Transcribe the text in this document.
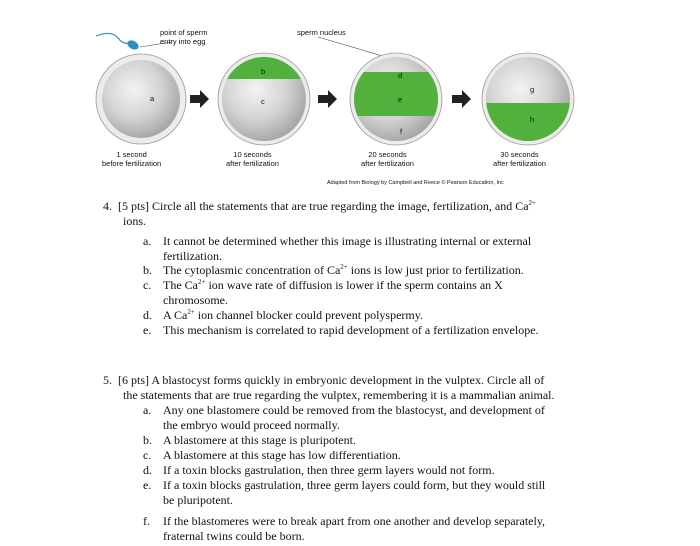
point of sperm
entry into egg
sperm nucleus
a
b
c
d
e
f
g
h
1 second
before fertilization
10 seconds
after fertilization
20 seconds
after fertilization
30 seconds
after fertilization
Adapted from Biology by Campbell and Reece © Pearson Education, Inc
4. [5 pts] Circle all the statements that are true regarding the image, fertilization, and $Ca^{2+}$
ions.
a. It cannot be determined whether this image is illustrating internal or external
fertilization.
b. The cytoplasmic concentration of $Ca^{2+}$ ions is low just prior to fertilization.
c. The $Ca^{2+}$ ion wave rate of diffusion is lower if the sperm contains an X
chromosome.
d. A $Ca^{2+}$ ion channel blocker could prevent polyspermy.
e. This mechanism is correlated to rapid development of a fertilization envelope.
5. [6 pts] A blastocyst forms quickly in embryonic development in the vulptex. Circle all of
the statements that are true regarding the vulptex, remembering it is a mammalian animal.
a. Any one blastomere could be removed from the blastocyst, and development of
the embryo would proceed normally.
b. A blastomere at this stage is pluripotent.
c. A blastomere at this stage has low differentiation.
d. If a toxin blocks gastrulation, then three germ layers would not form.
e. If a toxin blocks gastrulation, three germ layers could form, but they would still
be pluripotent.
f.	If the blastomeres were to break apart from one another and develop separately,
fraternal twins could be born.
